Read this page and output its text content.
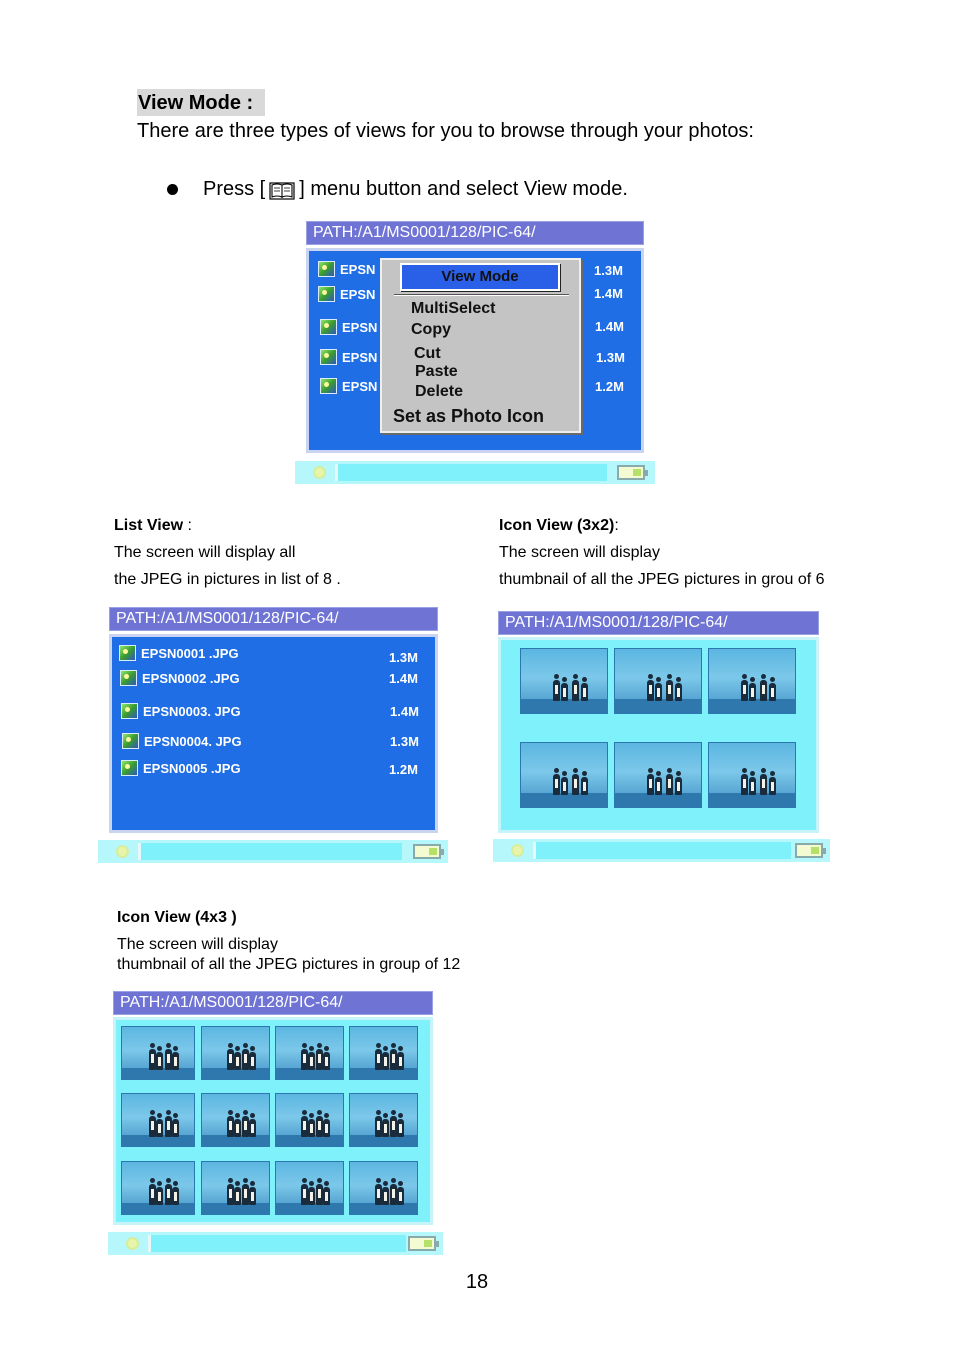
View Mode :
There are three types of views for you to browse through your photos:
Press [ ] menu button and select View mode.
PATH:/A1/MS0001/128/PIC-64/
EPSN
EPSN
EPSN
EPSN
EPSN
1.3M
1.4M
1.4M
1.3M
1.2M
View Mode
MultiSelect
Copy
Cut
Paste
Delete
Set as Photo Icon
List View :
The screen will display all
the JPEG in pictures in list of 8 .
PATH:/A1/MS0001/128/PIC-64/
EPSN0001 .JPG
EPSN0002 .JPG
EPSN0003. JPG
EPSN0004. JPG
EPSN0005 .JPG
1.3M
1.4M
1.4M
1.3M
1.2M
Icon View (3x2):
The screen will display
thumbnail of all the JPEG pictures in grou of 6
PATH:/A1/MS0001/128/PIC-64/
Icon View (4x3 )
The screen will display
thumbnail of all the JPEG pictures in group of 12
PATH:/A1/MS0001/128/PIC-64/
18
